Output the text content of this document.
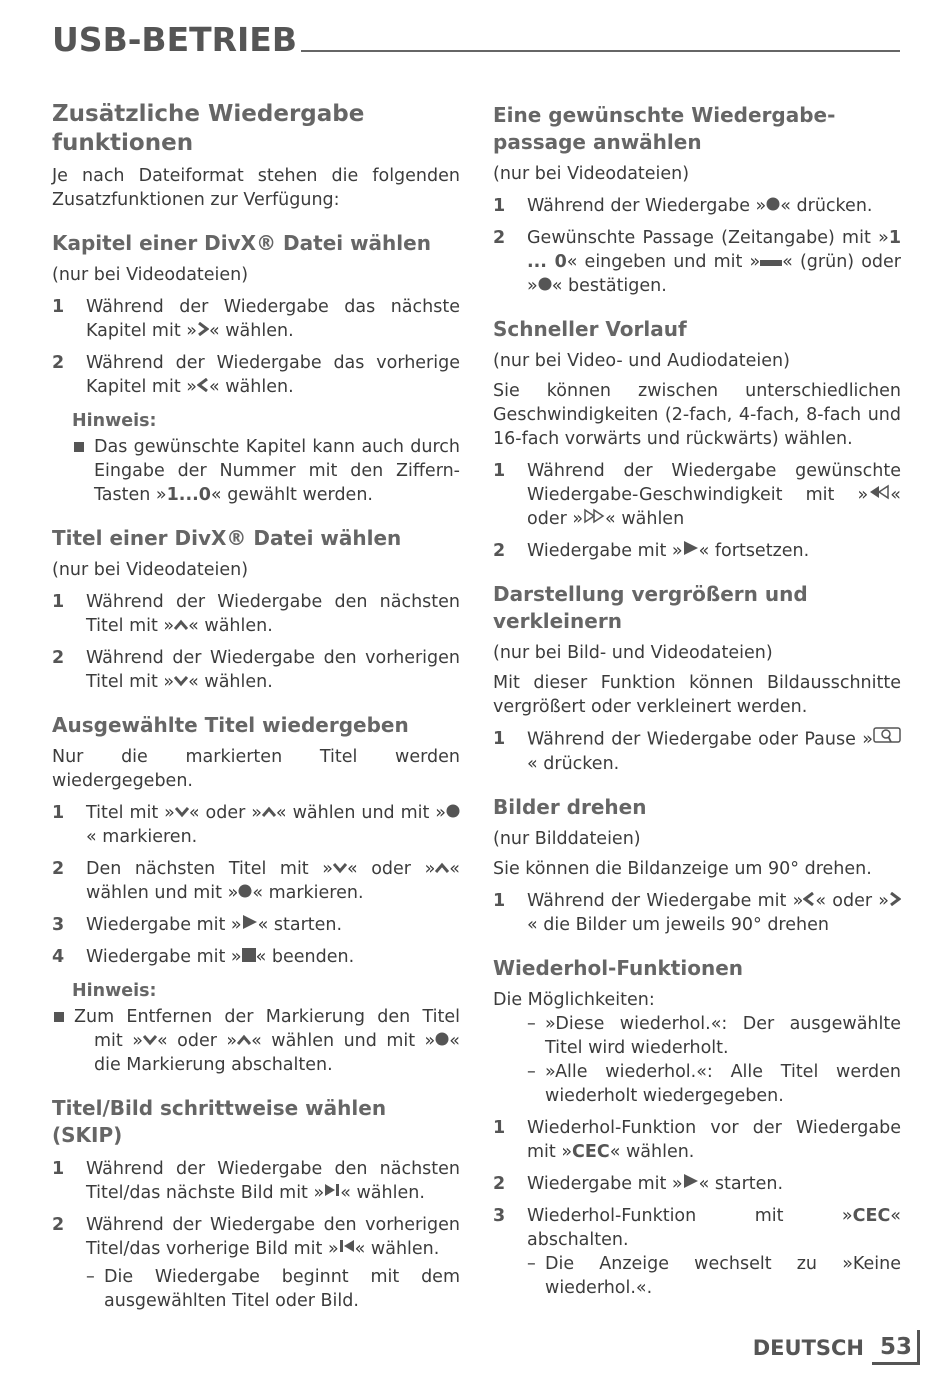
USB-BETRIEB
Zusätzliche Wiedergabe funktionen

Je nach Dateiformat stehen die folgenden Zusatzfunktionen zur Verfügung:

Kapitel einer DivX® Datei wählen
(nur bei Videodateien)
1 Während der Wiedergabe das nächste Kapitel mit » « wählen.
2 Während der Wiedergabe das vorherige Kapitel mit » « wählen.
Hinweis:
Das gewünschte Kapitel kann auch durch Eingabe der Nummer mit den Ziffern-Tasten »1...0« gewählt werden.
Titel einer DivX® Datei wählen
(nur bei Videodateien)
1 Während der Wiedergabe den nächsten Titel mit » « wählen.
2 Während der Wiedergabe den vorherigen Titel mit » « wählen.
Ausgewählte Titel wiedergeben

Nur die markierten Titel werden wiedergegeben.

1 Titel mit » « oder » « wählen und mit »« markieren.
2 Den nächsten Titel mit » « oder » « wählen und mit » « markieren.
3 Wiedergabe mit » « starten.
4 Wiedergabe mit » « beenden.
Hinweis:
Zum Entfernen der Markierung den Titel mit » « oder » « wählen und mit » « die Markierung abschalten.
Titel/Bild schrittweise wählen (SKIP)
1 Während der Wiedergabe den nächsten Titel/das nächste Bild mit » « wählen.
2 Während der Wiedergabe den vorherigen Titel/das vorherige Bild mit » « wählen.
– Die Wiedergabe beginnt mit dem ausgewählten Titel oder Bild.
Eine gewünschte Wiedergabe-passage anwählen
(nur bei Videodateien)
1 Während der Wiedergabe » « drücken.
2 Gewünschte Passage (Zeitangabe) mit »1 ... 0« eingeben und mit » « (grün) oder » « bestätigen.
Schneller Vorlauf
(nur bei Video- und Audiodateien)

Sie können zwischen unterschiedlichen Geschwindigkeiten (2-fach, 4-fach, 8-fach und 16-fach vorwärts und rückwärts) wählen.

1 Während der Wiedergabe gewünschte Wiedergabe-Geschwindigkeit mit » « oder » « wählen
2 Wiedergabe mit » « fortsetzen.
Darstellung vergrößern und verkleinern
(nur bei Bild- und Videodateien)

Mit dieser Funktion können Bildausschnitte vergrößert oder verkleinert werden.

1 Während der Wiedergabe oder Pause »« drücken.
Bilder drehen
(nur Bilddateien)

Sie können die Bildanzeige um 90° drehen.

1 Während der Wiedergabe mit » « oder »« die Bilder um jeweils 90° drehen
Wiederhol-Funktionen
Die Möglichkeiten:
– »Diese wiederhol.«: Der ausgewählte Titel wird wiederholt.
– »Alle wiederhol.«: Alle Titel werden wiederholt wiedergegeben.
1 Wiederhol-Funktion vor der Wiedergabe mit »CEC« wählen.
2 Wiedergabe mit » « starten.
3 Wiederhol-Funktion mit »CEC« abschalten.
– Die Anzeige wechselt zu »Keine wiederhol.«.
DEUTSCH 53
